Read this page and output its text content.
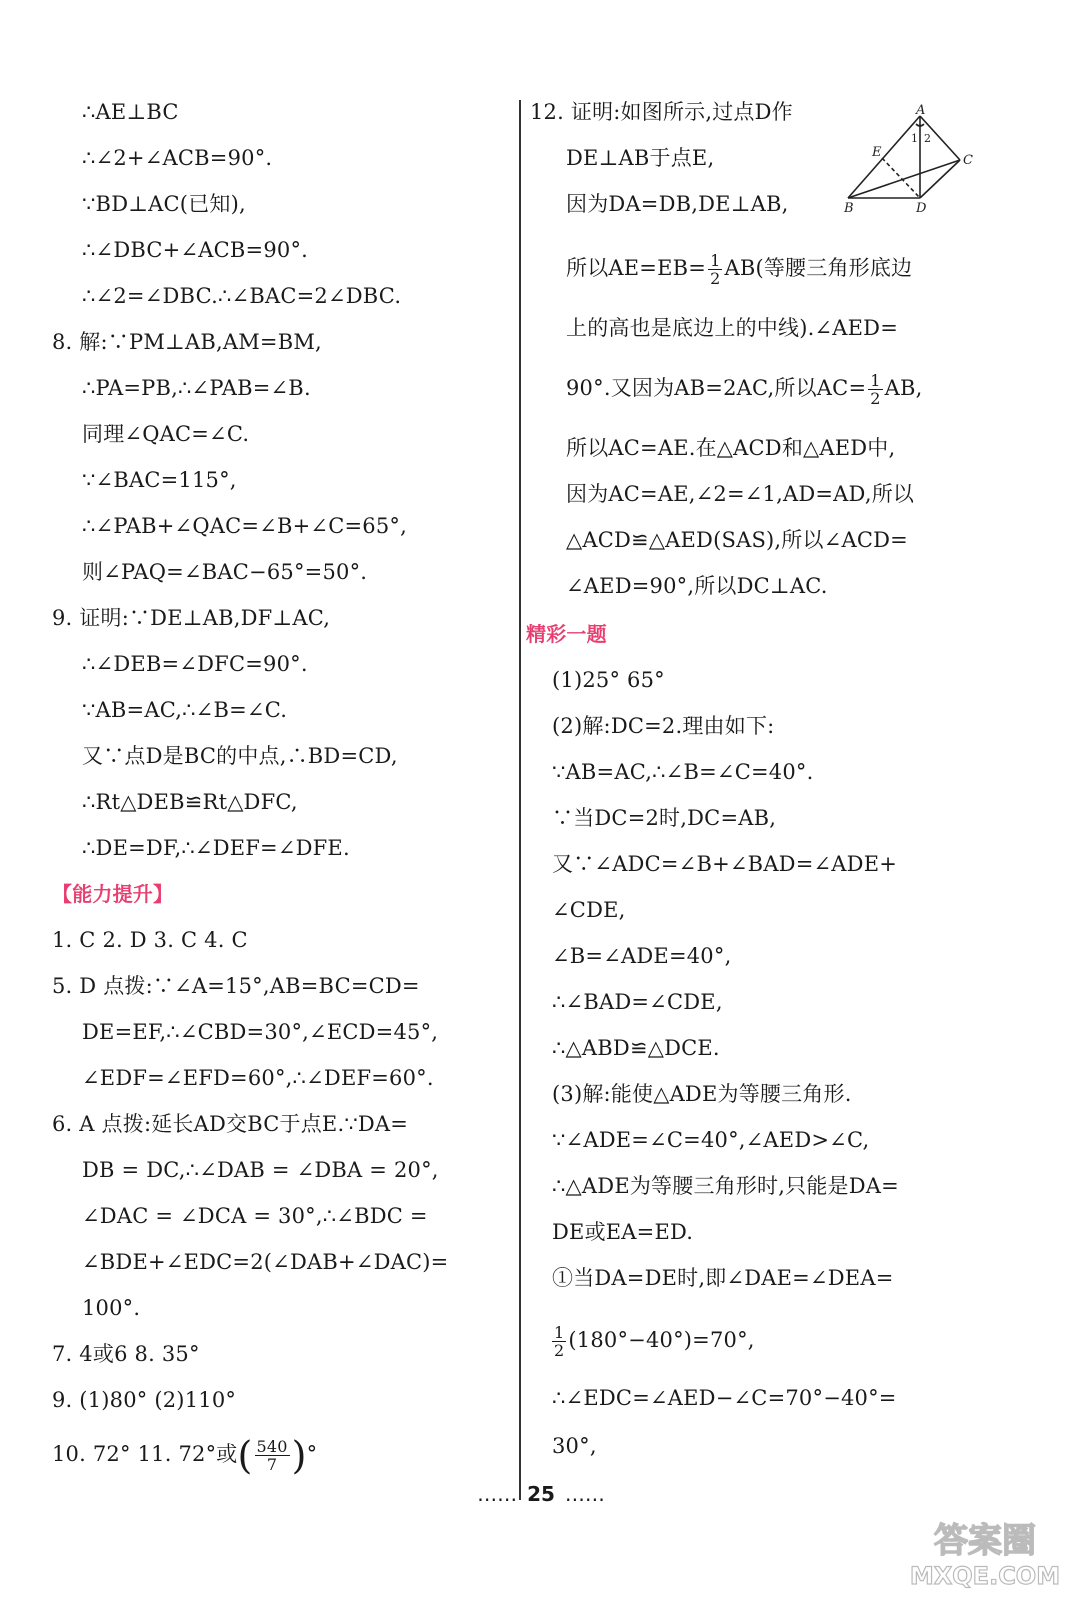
∴AE⊥BC
∴∠2+∠ACB=90°.
∵BD⊥AC(已知),
∴∠DBC+∠ACB=90°.
∴∠2=∠DBC.∴∠BAC=2∠DBC.
8. 解:∵PM⊥AB,AM=BM,
∴PA=PB,∴∠PAB=∠B.
同理∠QAC=∠C.
∵∠BAC=115°,
∴∠PAB+∠QAC=∠B+∠C=65°,
则∠PAQ=∠BAC−65°=50°.
9. 证明:∵DE⊥AB,DF⊥AC,
∴∠DEB=∠DFC=90°.
∵AB=AC,∴∠B=∠C.
又∵点D是BC的中点,∴BD=CD,
∴Rt△DEB≌Rt△DFC,
∴DE=DF,∴∠DEF=∠DFE.
【能力提升】
1. C 2. D 3. C 4. C
5. D 点拨:∵∠A=15°,AB=BC=CD=
DE=EF,∴∠CBD=30°,∠ECD=45°,
∠EDF=∠EFD=60°,∴∠DEF=60°.
6. A 点拨:延长AD交BC于点E.∵DA=
DB = DC,∴∠DAB = ∠DBA = 20°,
∠DAC = ∠DCA = 30°,∴∠BDC =
∠BDE+∠EDC=2(∠DAB+∠DAC)=
100°.
7. 4或6 8. 35°
9. (1)80° (2)110°
10. 72° 11. 72°或( $\frac{540}{7}$ )°
12. 证明:如图所示,过点D作
DE⊥AB于点E,
因为DA=DB,DE⊥AB,
A
E
1 2
C
B	D
所以$AE=EB= \frac{1}{2} AB$(等腰三角形底边
上的高也是底边上的中线).∠AED=
90°.又因为AB=2AC,所以$AC= \frac{1}{2}$ AB,
所以AC=AE.在△ACD和△AED中,
因为AC=AE,∠2=∠1,AD=AD,所以
△ACD≌△AED(SAS),所以∠ACD=
∠AED=90°,所以DC⊥AC.
精彩一题
(1)25° 65°
(2)解:DC=2.理由如下:
∵AB=AC,∴∠B=∠C=40°.
∵当DC=2时,DC=AB,
又∵∠ADC=∠B+∠BAD=∠ADE+
∠CDE,
∠B=∠ADE=40°,
∴∠BAD=∠CDE,
∴△ABD≌△DCE.
(3)解:能使△ADE为等腰三角形.
∵∠ADE=∠C=40°,∠AED>∠C,
∴△ADE为等腰三角形时,只能是DA=
DE或EA=ED.
①当DA=DE时,即∠DAE=∠DEA=
$\frac{1}{2} (180^\circ-40^\circ)=70^\circ$,
∴∠EDC=∠AED−∠C=70°−40°=
30°,
…… 25 ……
答案圈
MXQE.COM
